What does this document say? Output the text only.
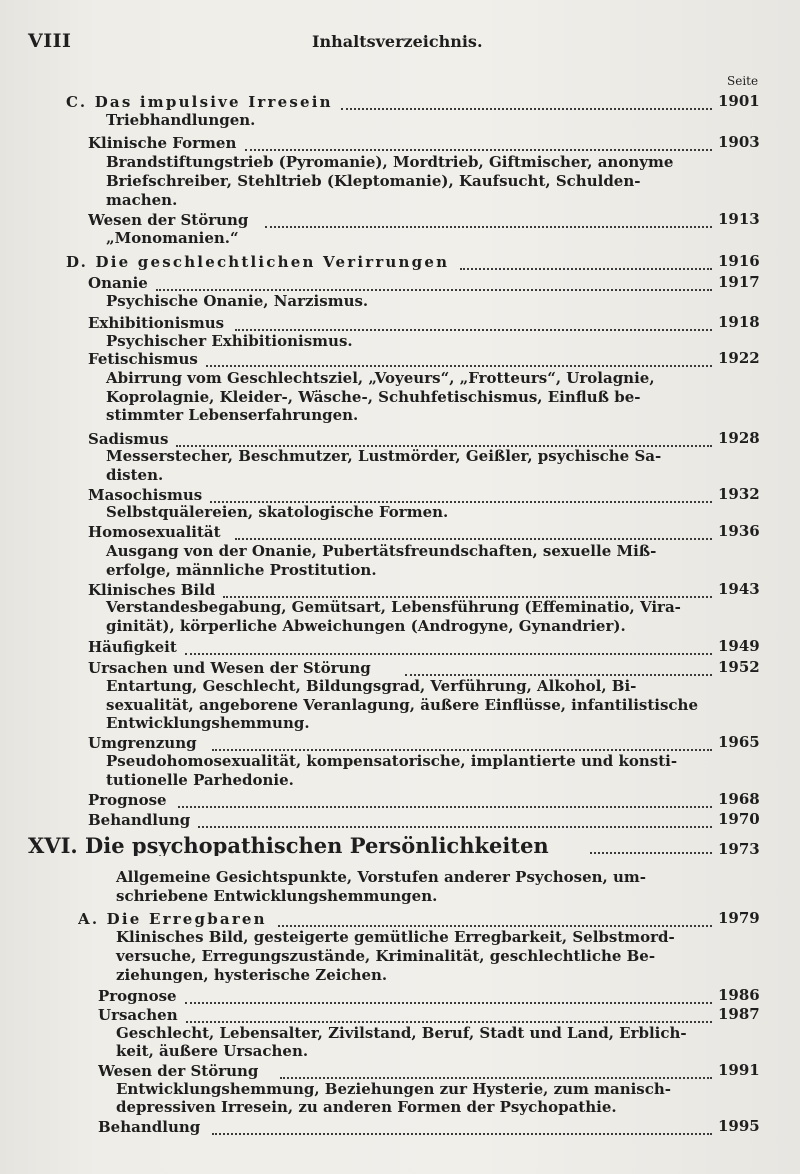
VIII	Inhaltsverzeichnis.
Seite
C. Das impulsive Irresein	1901
Triebhandlungen.
Klinische Formen	1903
Brandstiftungstrieb (Pyromanie), Mordtrieb, Giftmischer, anonyme
Briefschreiber, Stehltrieb (Kleptomanie), Kaufsucht, Schulden-
machen.
Wesen der Störung	1913
„Monomanien.“
D. Die geschlechtlichen Verirrungen	1916
Onanie	1917
Psychische Onanie, Narzismus.
Exhibitionismus	1918
Psychischer Exhibitionismus.
Fetischismus	1922
Abirrung vom Geschlechtsziel, „Voyeurs“, „Frotteurs“, Urolagnie,
Koprolagnie, Kleider-, Wäsche-, Schuhfetischismus, Einfluß be-
stimmter Lebenserfahrungen.
Sadismus	1928
Messerstecher, Beschmutzer, Lustmörder, Geißler, psychische Sa-
disten.
Masochismus	1932
Selbstquälereien, skatologische Formen.
Homosexualität	1936
Ausgang von der Onanie, Pubertätsfreundschaften, sexuelle Miß-
erfolge, männliche Prostitution.
Klinisches Bild	1943
Verstandesbegabung, Gemütsart, Lebensführung (Effeminatio, Vira-
ginität), körperliche Abweichungen (Androgyne, Gynandrier).
Häufigkeit	1949
Ursachen und Wesen der Störung	1952
Entartung, Geschlecht, Bildungsgrad, Verführung, Alkohol, Bi-
sexualität, angeborene Veranlagung, äußere Einflüsse, infantilistische
Entwicklungshemmung.
Umgrenzung	1965
Pseudohomosexualität, kompensatorische, implantierte und konsti-
tutionelle Parhedonie.
Prognose	1968
Behandlung	1970
XVI. Die psychopathischen Persönlichkeiten	1973
Allgemeine Gesichtspunkte, Vorstufen anderer Psychosen, um-
schriebene Entwicklungshemmungen.
A. Die Erregbaren	1979
Klinisches Bild, gesteigerte gemütliche Erregbarkeit, Selbstmord-
versuche, Erregungszustände, Kriminalität, geschlechtliche Be-
ziehungen, hysterische Zeichen.
Prognose	1986
Ursachen	1987
Geschlecht, Lebensalter, Zivilstand, Beruf, Stadt und Land, Erblich-
keit, äußere Ursachen.
Wesen der Störung	1991
Entwicklungshemmung, Beziehungen zur Hysterie, zum manisch-
depressiven Irresein, zu anderen Formen der Psychopathie.
Behandlung	1995
